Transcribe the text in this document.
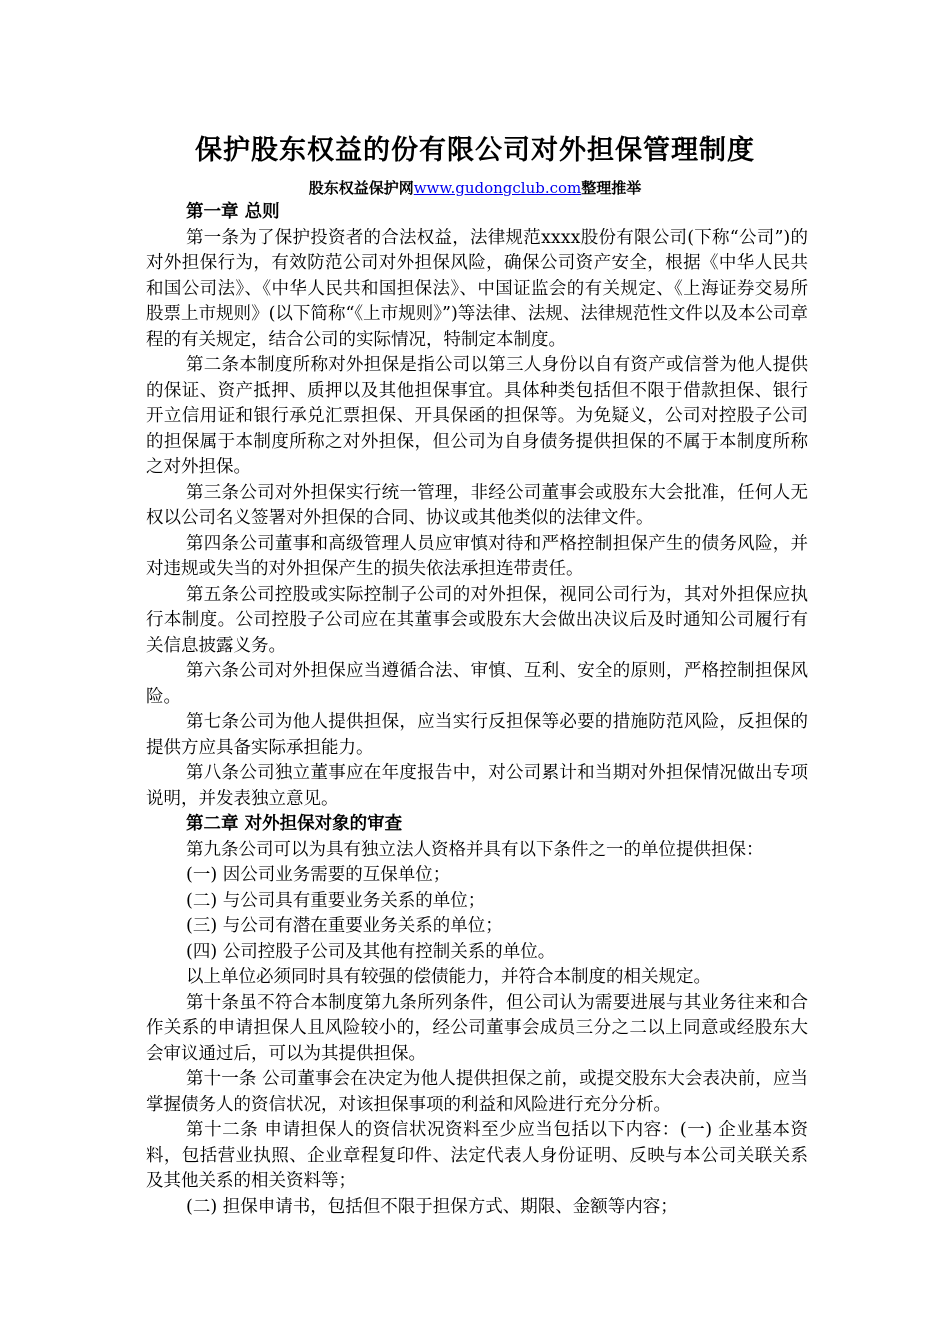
保护股东权益的份有限公司对外担保管理制度
股东权益保护网www.gudongclub.com整理推举

第一章 总则

第一条为了保护投资者的合法权益，法律规范xxxx股份有限公司(下称“公司”)的对外担保行为，有效防范公司对外担保风险，确保公司资产安全，根据《中华人民共和国公司法》、《中华人民共和国担保法》、中国证监会的有关规定、《上海证券交易所股票上市规则》(以下简称“《上市规则》”)等法律、法规、法律规范性文件以及本公司章程的有关规定，结合公司的实际情况，特制定本制度。

第二条本制度所称对外担保是指公司以第三人身份以自有资产或信誉为他人提供的保证、资产抵押、质押以及其他担保事宜。具体种类包括但不限于借款担保、银行开立信用证和银行承兑汇票担保、开具保函的担保等。为免疑义，公司对控股子公司的担保属于本制度所称之对外担保，但公司为自身债务提供担保的不属于本制度所称之对外担保。

第三条公司对外担保实行统一管理，非经公司董事会或股东大会批准，任何人无权以公司名义签署对外担保的合同、协议或其他类似的法律文件。

第四条公司董事和高级管理人员应审慎对待和严格控制担保产生的债务风险，并对违规或失当的对外担保产生的损失依法承担连带责任。

第五条公司控股或实际控制子公司的对外担保，视同公司行为，其对外担保应执行本制度。公司控股子公司应在其董事会或股东大会做出决议后及时通知公司履行有关信息披露义务。

第六条公司对外担保应当遵循合法、审慎、互利、安全的原则，严格控制担保风险。

第七条公司为他人提供担保，应当实行反担保等必要的措施防范风险，反担保的提供方应具备实际承担能力。

第八条公司独立董事应在年度报告中，对公司累计和当期对外担保情况做出专项说明，并发表独立意见。

第二章 对外担保对象的审查

第九条公司可以为具有独立法人资格并具有以下条件之一的单位提供担保：

(一) 因公司业务需要的互保单位；

(二) 与公司具有重要业务关系的单位；

(三) 与公司有潜在重要业务关系的单位；

(四) 公司控股子公司及其他有控制关系的单位。

以上单位必须同时具有较强的偿债能力，并符合本制度的相关规定。

第十条虽不符合本制度第九条所列条件，但公司认为需要进展与其业务往来和合作关系的申请担保人且风险较小的，经公司董事会成员三分之二以上同意或经股东大会审议通过后，可以为其提供担保。

第十一条 公司董事会在决定为他人提供担保之前，或提交股东大会表决前，应当掌握债务人的资信状况，对该担保事项的利益和风险进行充分分析。

第十二条 申请担保人的资信状况资料至少应当包括以下内容：(一) 企业基本资料，包括营业执照、企业章程复印件、法定代表人身份证明、反映与本公司关联关系及其他关系的相关资料等；

(二) 担保申请书，包括但不限于担保方式、期限、金额等内容；
